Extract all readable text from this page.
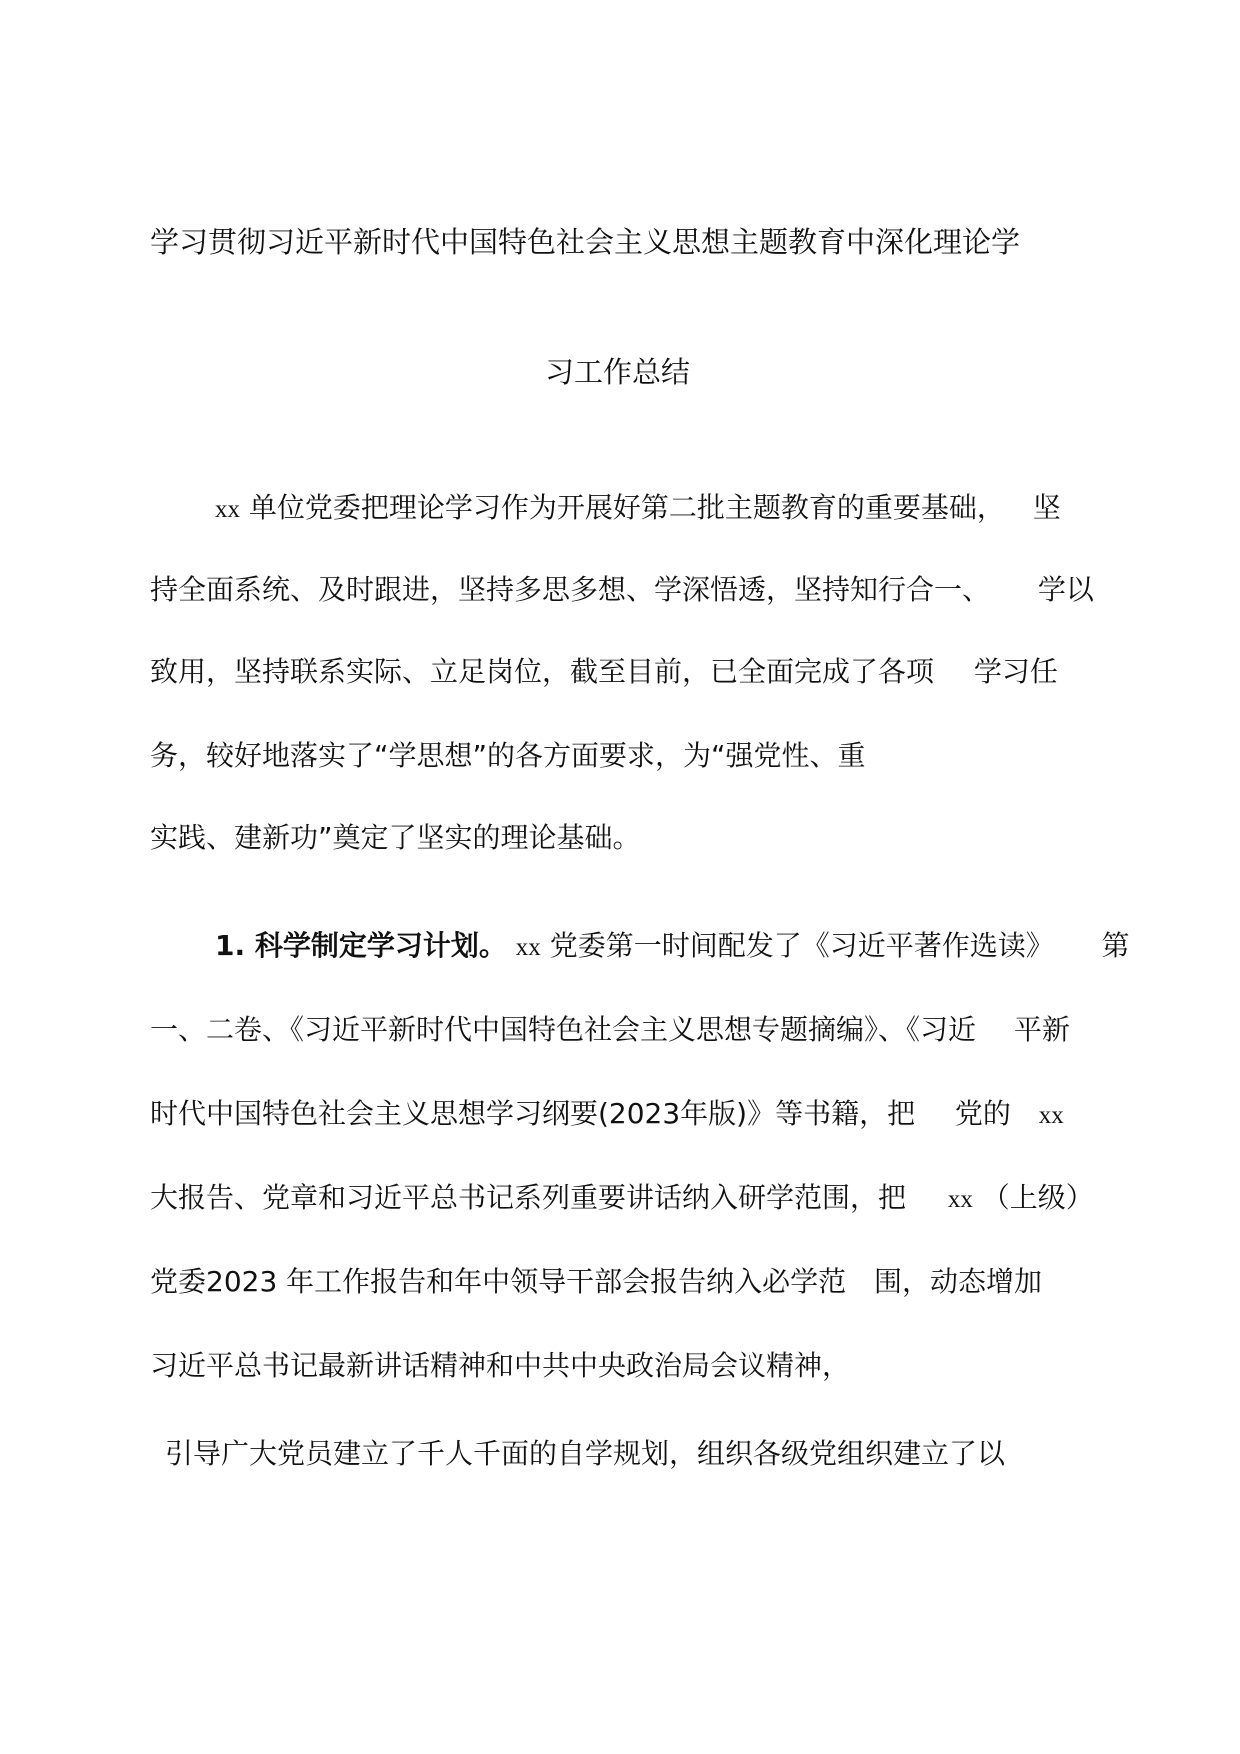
学习贯彻习近平新时代中国特色社会主义思想主题教育中深化理论学
习工作总结
xx 单位党委把理论学习作为开展好第二批主题教育的重要基础， 坚
持全面系统、及时跟进，坚持多思多想、学深悟透，坚持知行合一、 学以
致用，坚持联系实际、立足岗位，截至目前，已全面完成了各项 学习任
务，较好地落实了“学思想”的各方面要求，为“强党性、重
实践、建新功”奠定了坚实的理论基础。
1. 科学制定学习计划。 xx 党委第一时间配发了《习近平著作选读》 第
一、二卷、《习近平新时代中国特色社会主义思想专题摘编》、《习近 平新
时代中国特色社会主义思想学习纲要(2023年版)》等书籍，把 党的 xx
大报告、党章和习近平总书记系列重要讲话纳入研学范围，把 xx （上级）
党委2023 年工作报告和年中领导干部会报告纳入必学范 围，动态增加
习近平总书记最新讲话精神和中共中央政治局会议精神，
引导广大党员建立了千人千面的自学规划，组织各级党组织建立了以
